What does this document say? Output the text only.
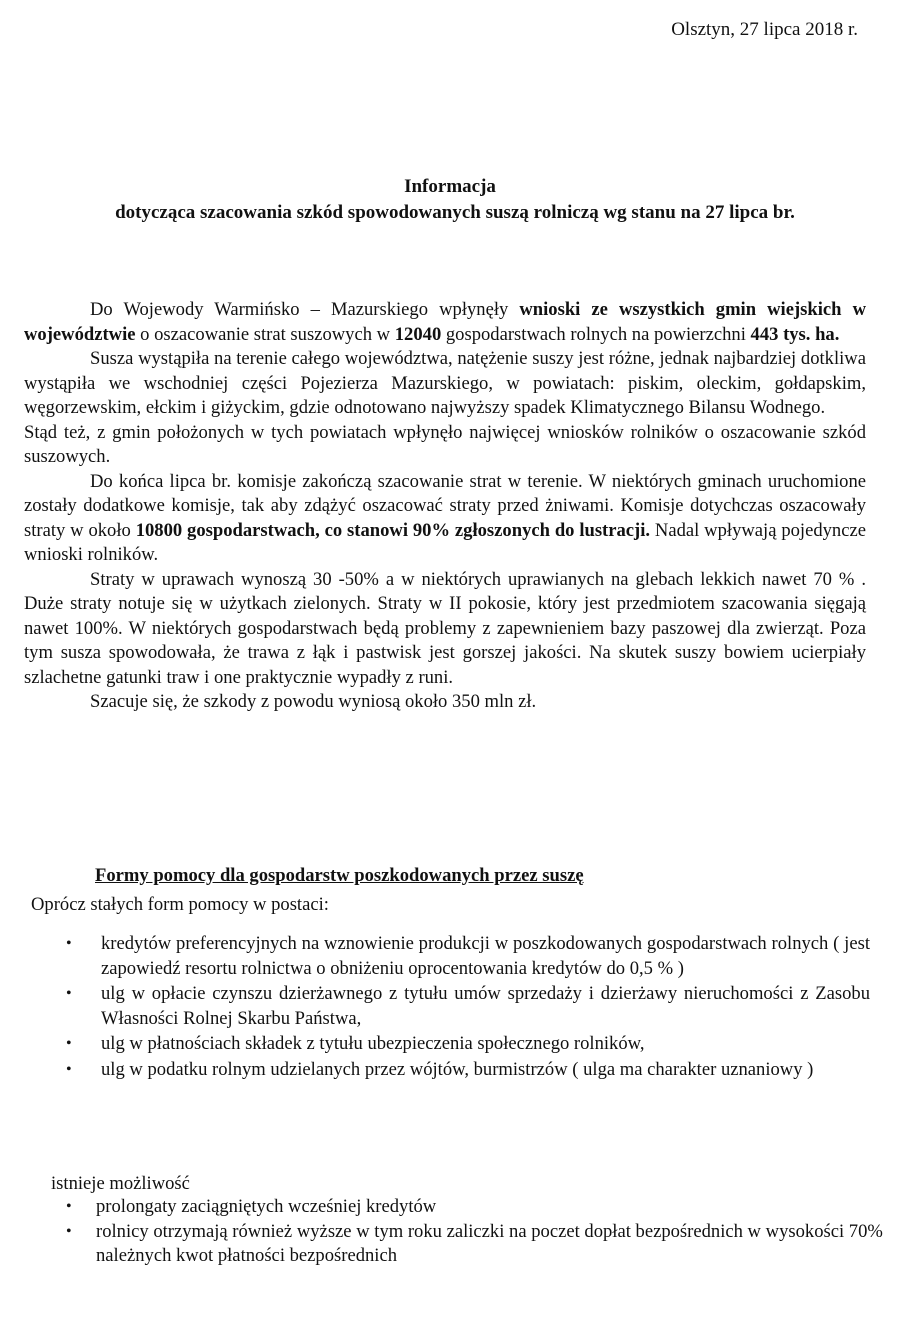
Olsztyn, 27 lipca 2018 r.
Informacja
dotycząca szacowania szkód spowodowanych suszą rolniczą wg stanu na 27 lipca br.

Do Wojewody Warmińsko – Mazurskiego wpłynęły wnioski ze wszystkich gmin wiejskich w województwie o oszacowanie strat suszowych w 12040 gospodarstwach rolnych na powierzchni 443 tys. ha.

Susza wystąpiła na terenie całego województwa, natężenie suszy jest różne, jednak najbardziej dotkliwa wystąpiła we wschodniej części Pojezierza Mazurskiego, w powiatach: piskim, oleckim, gołdapskim, węgorzewskim, ełckim i giżyckim, gdzie odnotowano najwyższy spadek Klimatycznego Bilansu Wodnego.

Stąd też, z gmin położonych w tych powiatach wpłynęło najwięcej wniosków rolników o oszacowanie szkód suszowych.

Do końca lipca br. komisje zakończą szacowanie strat w terenie. W niektórych gminach uruchomione zostały dodatkowe komisje, tak aby zdążyć oszacować straty przed żniwami. Komisje dotychczas oszacowały straty w około 10800 gospodarstwach, co stanowi 90% zgłoszonych do lustracji. Nadal wpływają pojedyncze wnioski rolników.

Straty w uprawach wynoszą 30 -50% a w niektórych uprawianych na glebach lekkich nawet 70 % . Duże straty notuje się w użytkach zielonych. Straty w II pokosie, który jest przedmiotem szacowania sięgają nawet 100%. W niektórych gospodarstwach będą problemy z zapewnieniem bazy paszowej dla zwierząt. Poza tym susza spowodowała, że trawa z łąk i pastwisk jest gorszej jakości. Na skutek suszy bowiem ucierpiały szlachetne gatunki traw i one praktycznie wypadły z runi.

Szacuje się, że szkody z powodu wyniosą około 350 mln zł.

Formy pomocy dla gospodarstw poszkodowanych przez suszę
Oprócz stałych form pomocy w postaci:
• kredytów preferencyjnych na wznowienie produkcji w poszkodowanych gospodarstwach rolnych ( jest zapowiedź resortu rolnictwa o obniżeniu oprocentowania kredytów do 0,5 % )
• ulg w opłacie czynszu dzierżawnego z tytułu umów sprzedaży i dzierżawy nieruchomości z Zasobu Własności Rolnej Skarbu Państwa,
• ulg w płatnościach składek z tytułu ubezpieczenia społecznego rolników,
• ulg w podatku rolnym udzielanych przez wójtów, burmistrzów ( ulga ma charakter uznaniowy )
istnieje możliwość
• prolongaty zaciągniętych wcześniej kredytów
• rolnicy otrzymają również wyższe w tym roku zaliczki na poczet dopłat bezpośrednich w wysokości 70% należnych kwot płatności bezpośrednich
